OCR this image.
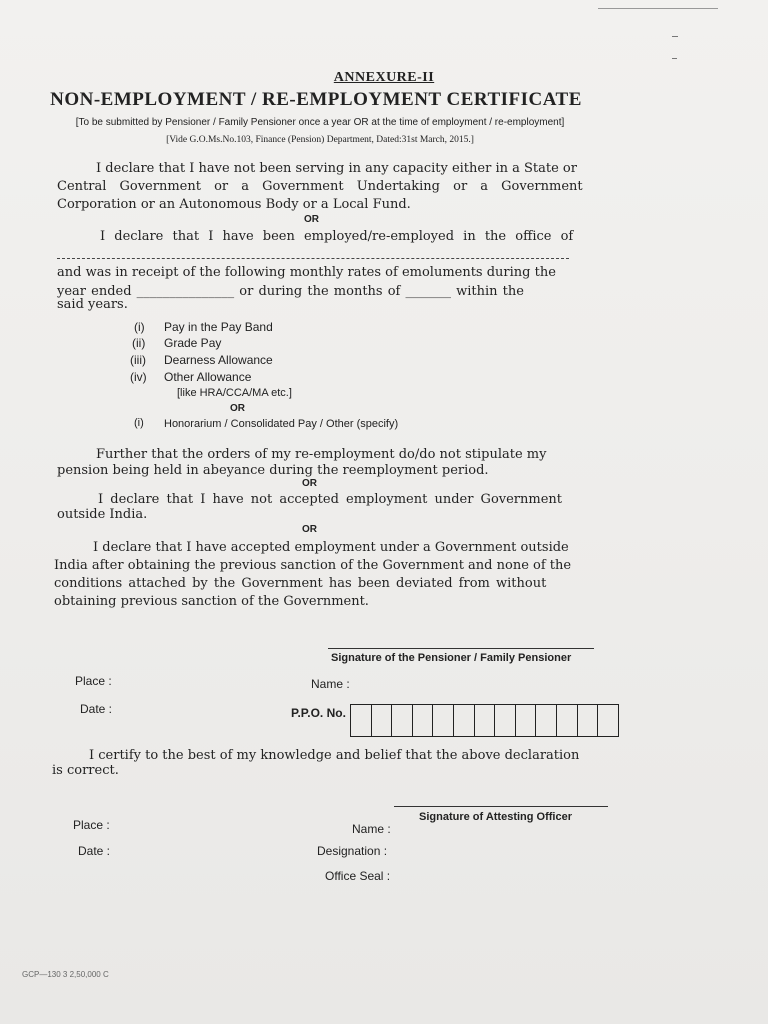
ANNEXURE-II
NON-EMPLOYMENT / RE-EMPLOYMENT CERTIFICATE
[To be submitted by Pensioner / Family Pensioner once a year OR at the time of employment / re-employment]
[Vide G.O.Ms.No.103, Finance (Pension) Department, Dated:31st March, 2015.]
I declare that I have not been serving in any capacity either in a State or
Central Government or a Government Undertaking or a Government
Corporation or an Autonomous Body or a Local Fund.
OR
I declare that I have been employed/re-employed in the office of
and was in receipt of the following monthly rates of emoluments during the
year ended _______________ or during the months of _______ within the
said years.
(i) Pay in the Pay Band
(ii) Grade Pay
(iii) Dearness Allowance
(iv) Other Allowance
[like HRA/CCA/MA etc.]
OR
(i) Honorarium / Consolidated Pay / Other (specify)
Further that the orders of my re-employment do/do not stipulate my
pension being held in abeyance during the reemployment period.
OR
I declare that I have not accepted employment under Government
outside India.
OR
I declare that I have accepted employment under a Government outside
India after obtaining the previous sanction of the Government and none of the
conditions attached by the Government has been deviated from without
obtaining previous sanction of the Government.
Signature of the Pensioner / Family Pensioner
Place :	Name :
Date :	P.P.O. No.
I certify to the best of my knowledge and belief that the above declaration
is correct.
Signature of Attesting Officer
Place :	Name :
Date :	Designation :
Office Seal :
GCP—130 3 2,50,000 C
